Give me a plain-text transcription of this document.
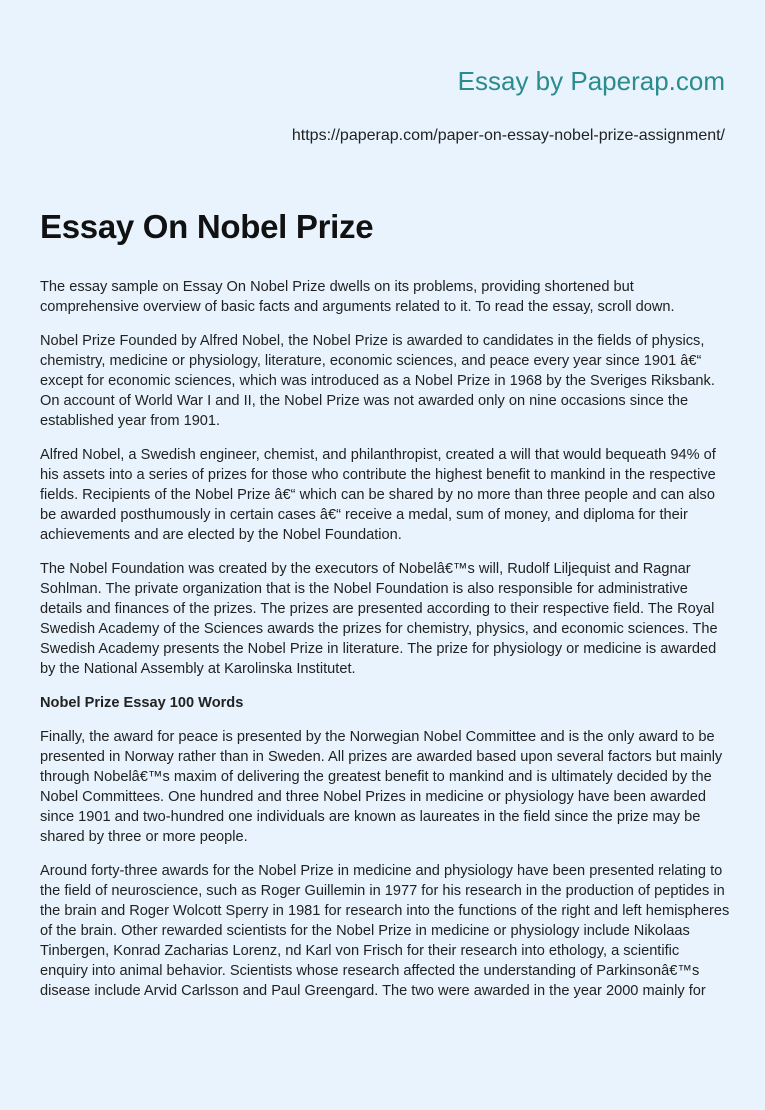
Essay by Paperap.com
https://paperap.com/paper-on-essay-nobel-prize-assignment/
Essay On Nobel Prize

The essay sample on Essay On Nobel Prize dwells on its problems, providing shortened but comprehensive overview of basic facts and arguments related to it. To read the essay, scroll down.

Nobel Prize Founded by Alfred Nobel, the Nobel Prize is awarded to candidates in the fields of physics, chemistry, medicine or physiology, literature, economic sciences, and peace every year since 1901 â€“ except for economic sciences, which was introduced as a Nobel Prize in 1968 by the Sveriges Riksbank. On account of World War I and II, the Nobel Prize was not awarded only on nine occasions since the established year from 1901.

Alfred Nobel, a Swedish engineer, chemist, and philanthropist, created a will that would bequeath 94% of his assets into a series of prizes for those who contribute the highest benefit to mankind in the respective fields. Recipients of the Nobel Prize â€“ which can be shared by no more than three people and can also be awarded posthumously in certain cases â€“ receive a medal, sum of money, and diploma for their achievements and are elected by the Nobel Foundation.

The Nobel Foundation was created by the executors of Nobelâ€™s will, Rudolf Liljequist and Ragnar Sohlman. The private organization that is the Nobel Foundation is also responsible for administrative details and finances of the prizes. The prizes are presented according to their respective field. The Royal Swedish Academy of the Sciences awards the prizes for chemistry, physics, and economic sciences. The Swedish Academy presents the Nobel Prize in literature. The prize for physiology or medicine is awarded by the National Assembly at Karolinska Institutet.

Nobel Prize Essay 100 Words

Finally, the award for peace is presented by the Norwegian Nobel Committee and is the only award to be presented in Norway rather than in Sweden. All prizes are awarded based upon several factors but mainly through Nobelâ€™s maxim of delivering the greatest benefit to mankind and is ultimately decided by the Nobel Committees. One hundred and three Nobel Prizes in medicine or physiology have been awarded since 1901 and two-hundred one individuals are known as laureates in the field since the prize may be shared by three or more people.

Around forty-three awards for the Nobel Prize in medicine and physiology have been presented relating to the field of neuroscience, such as Roger Guillemin in 1977 for his research in the production of peptides in the brain and Roger Wolcott Sperry in 1981 for research into the functions of the right and left hemispheres of the brain. Other rewarded scientists for the Nobel Prize in medicine or physiology include Nikolaas Tinbergen, Konrad Zacharias Lorenz, nd Karl von Frisch for their research into ethology, a scientific enquiry into animal behavior. Scientists whose research affected the understanding of Parkinsonâ€™s disease include Arvid Carlsson and Paul Greengard. The two were awarded in the year 2000 mainly for
